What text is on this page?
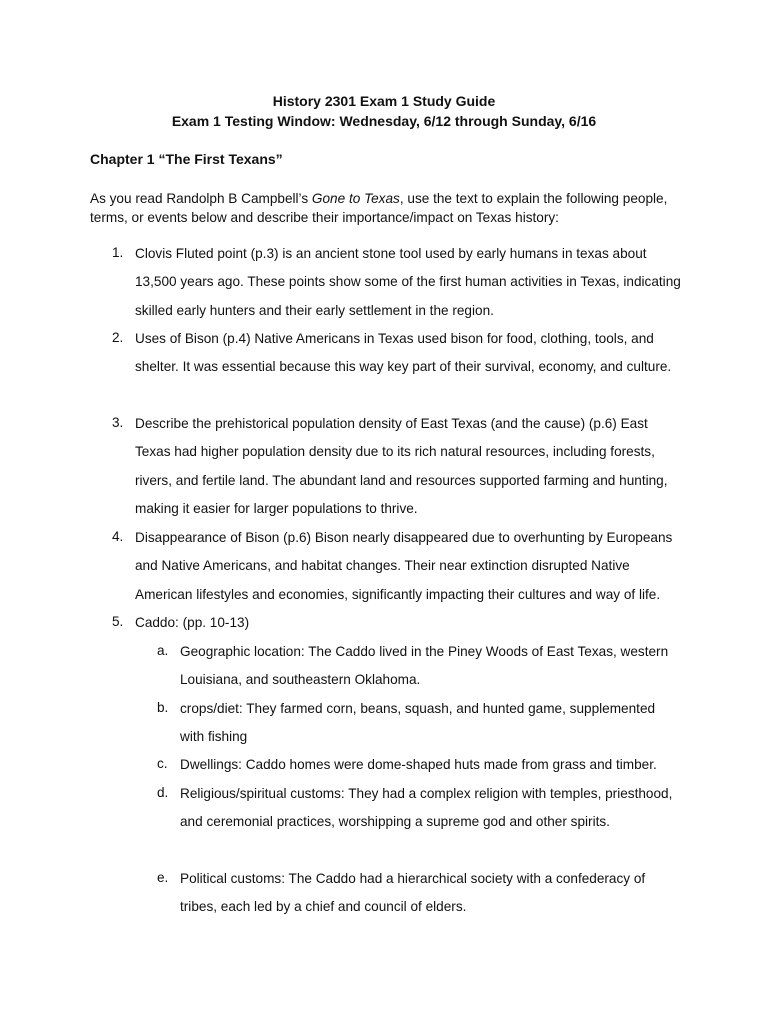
History 2301 Exam 1 Study Guide
Exam 1 Testing Window: Wednesday, 6/12 through Sunday, 6/16
Chapter 1 “The First Texans”
As you read Randolph B Campbell’s Gone to Texas, use the text to explain the following people, terms, or events below and describe their importance/impact on Texas history:
1. Clovis Fluted point (p.3) is an ancient stone tool used by early humans in texas about 13,500 years ago. These points show some of the first human activities in Texas, indicating skilled early hunters and their early settlement in the region.
2. Uses of Bison (p.4) Native Americans in Texas used bison for food, clothing, tools, and shelter. It was essential because this way key part of their survival, economy, and culture.
3. Describe the prehistorical population density of East Texas (and the cause) (p.6) East Texas had higher population density due to its rich natural resources, including forests, rivers, and fertile land. The abundant land and resources supported farming and hunting, making it easier for larger populations to thrive.
4. Disappearance of Bison (p.6) Bison nearly disappeared due to overhunting by Europeans and Native Americans, and habitat changes. Their near extinction disrupted Native American lifestyles and economies, significantly impacting their cultures and way of life.
5. Caddo: (pp. 10-13)
a. Geographic location: The Caddo lived in the Piney Woods of East Texas, western Louisiana, and southeastern Oklahoma.
b. crops/diet: They farmed corn, beans, squash, and hunted game, supplemented with fishing
c. Dwellings: Caddo homes were dome-shaped huts made from grass and timber.
d. Religious/spiritual customs: They had a complex religion with temples, priesthood, and ceremonial practices, worshipping a supreme god and other spirits.
e. Political customs: The Caddo had a hierarchical society with a confederacy of tribes, each led by a chief and council of elders.
